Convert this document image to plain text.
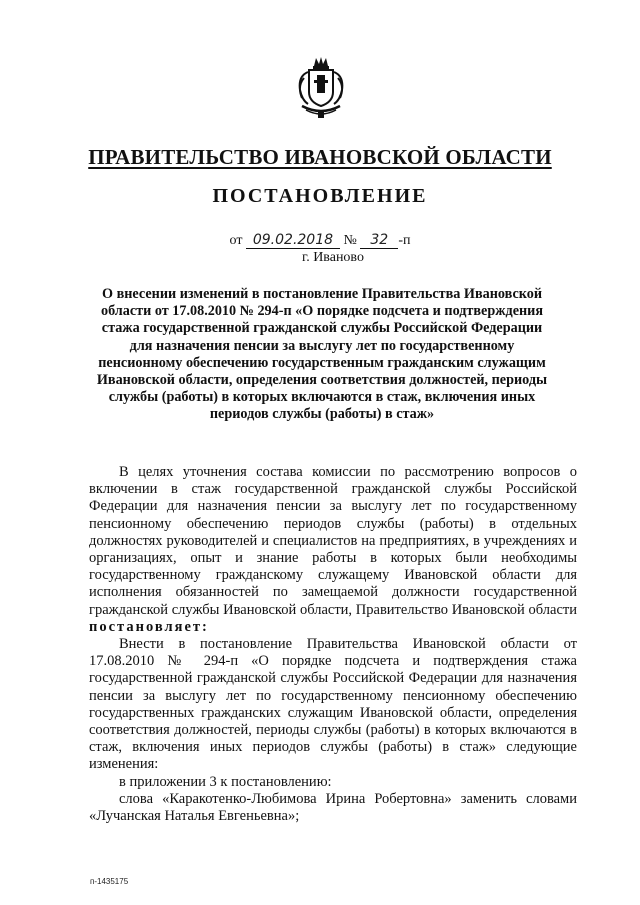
ПРАВИТЕЛЬСТВО ИВАНОВСКОЙ ОБЛАСТИ
ПОСТАНОВЛЕНИЕ
от 09.02.2018 № 32 -п
г. Иваново
О внесении изменений в постановление Правительства Ивановской области от 17.08.2010 № 294-п «О порядке подсчета и подтверждения стажа государственной гражданской службы Российской Федерации для назначения пенсии за выслугу лет по государственному пенсионному обеспечению государственным гражданским служащим Ивановской области, определения соответствия должностей, периоды службы (работы) в которых включаются в стаж, включения иных периодов службы (работы) в стаж»

В целях уточнения состава комиссии по рассмотрению вопросов о включении в стаж государственной гражданской службы Российской Федерации для назначения пенсии за выслугу лет по государственному пенсионному обеспечению периодов службы (работы) в отдельных должностях руководителей и специалистов на предприятиях, в учреждениях и организациях, опыт и знание работы в которых были необходимы государственному гражданскому служащему Ивановской области для исполнения обязанностей по замещаемой должности государственной гражданской службы Ивановской области, Правительство Ивановской области постановляет:

Внести в постановление Правительства Ивановской области от 17.08.2010 № 294-п «О порядке подсчета и подтверждения стажа государственной гражданской службы Российской Федерации для назначения пенсии за выслугу лет по государственному пенсионному обеспечению государственных гражданских служащим Ивановской области, определения соответствия должностей, периоды службы (работы) в которых включаются в стаж, включения иных периодов службы (работы) в стаж» следующие изменения:

в приложении 3 к постановлению:

слова «Каракотенко-Любимова Ирина Робертовна» заменить словами «Лучанская Наталья Евгеньевна»;

п-1435175
